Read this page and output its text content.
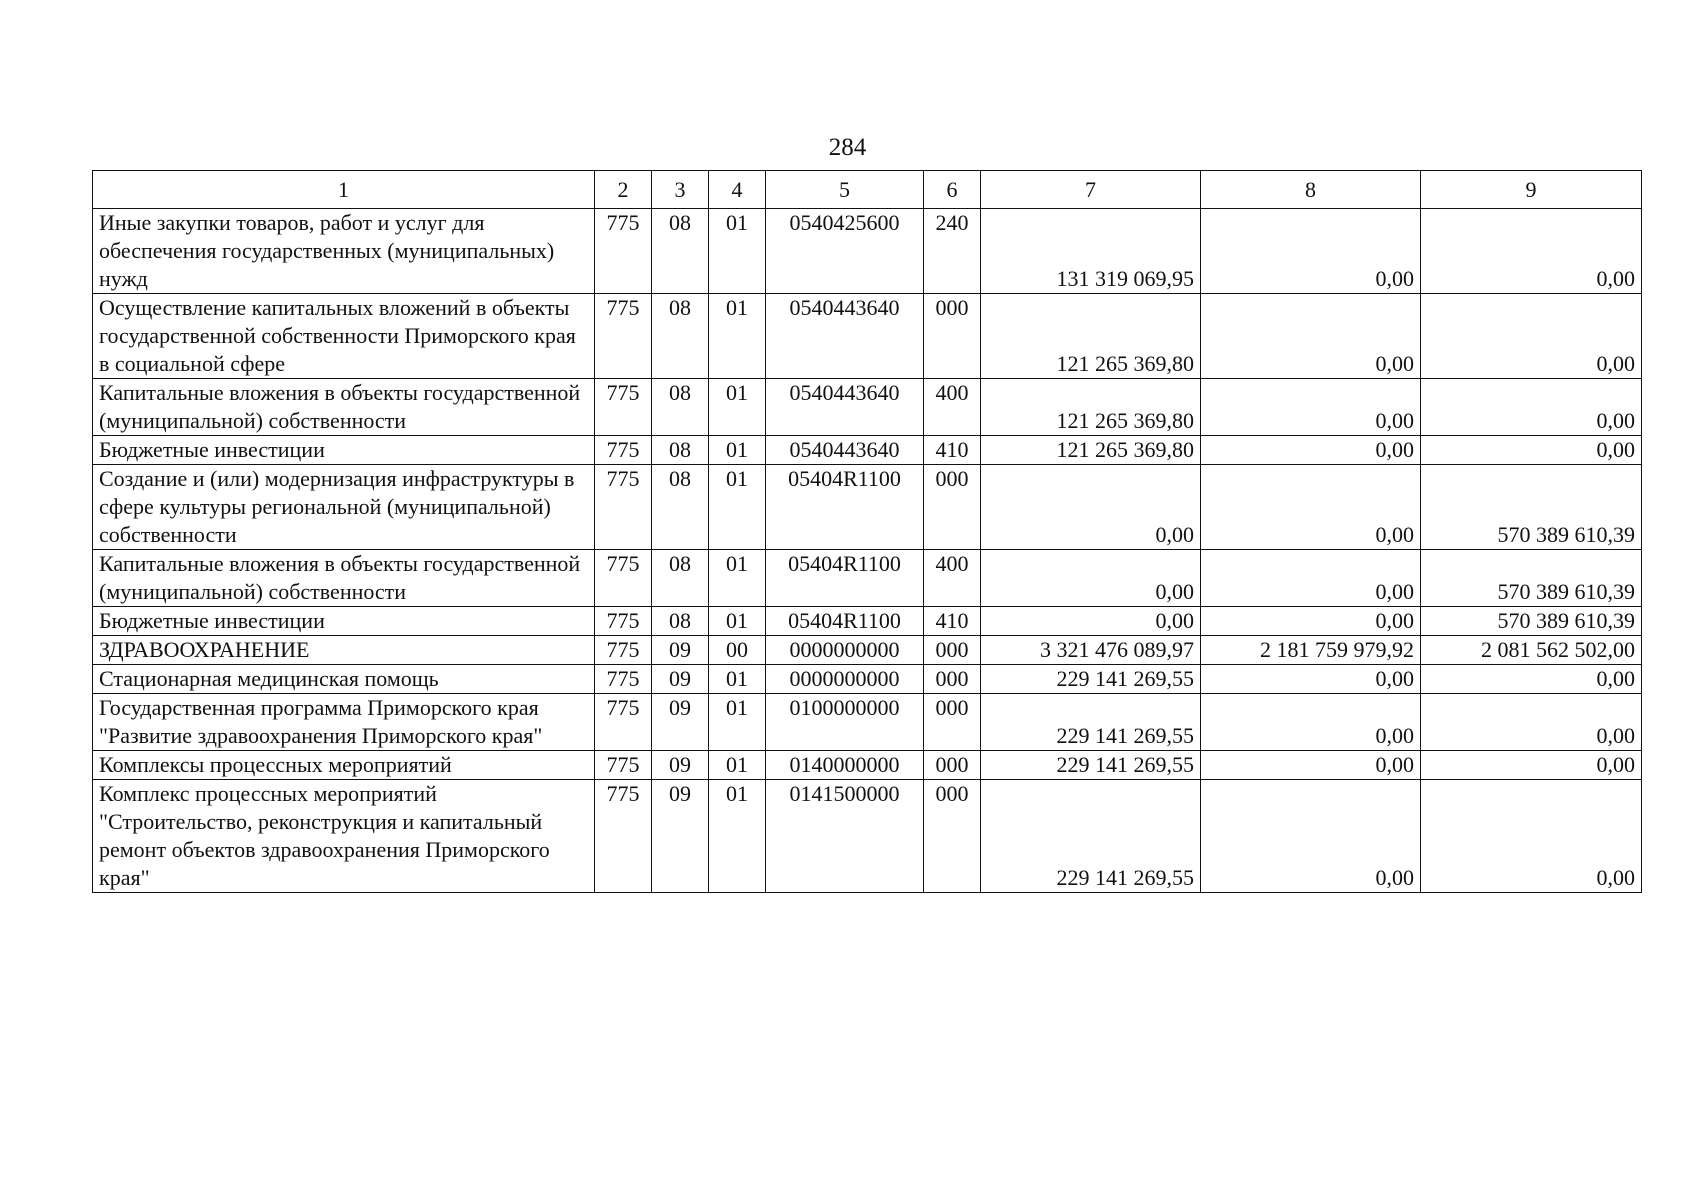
284
1	2	3	4	5	6	7	8	9
Иные закупки товаров, работ и услуг для обеспечения государственных (муниципальных) нужд	775	08	01	0540425600	240	131 319 069,95	0,00	0,00
Осуществление капитальных вложений в объекты государственной собственности Приморского края в социальной сфере	775	08	01	0540443640	000	121 265 369,80	0,00	0,00
Капитальные вложения в объекты государственной (муниципальной) собственности	775	08	01	0540443640	400	121 265 369,80	0,00	0,00
Бюджетные инвестиции	775	08	01	0540443640	410	121 265 369,80	0,00	0,00
Создание и (или) модернизация инфраструктуры в сфере культуры региональной (муниципальной) собственности	775	08	01	05404R1100	000	0,00	0,00	570 389 610,39
Капитальные вложения в объекты государственной (муниципальной) собственности	775	08	01	05404R1100	400	0,00	0,00	570 389 610,39
Бюджетные инвестиции	775	08	01	05404R1100	410	0,00	0,00	570 389 610,39
ЗДРАВООХРАНЕНИЕ	775	09	00	0000000000	000	3 321 476 089,97	2 181 759 979,92	2 081 562 502,00
Стационарная медицинская помощь	775	09	01	0000000000	000	229 141 269,55	0,00	0,00
Государственная программа Приморского края "Развитие здравоохранения Приморского края"	775	09	01	0100000000	000	229 141 269,55	0,00	0,00
Комплексы процессных мероприятий	775	09	01	0140000000	000	229 141 269,55	0,00	0,00
Комплекс процессных мероприятий "Строительство, реконструкция и капитальный ремонт объектов здравоохранения Приморского края"	775	09	01	0141500000	000	229 141 269,55	0,00	0,00
